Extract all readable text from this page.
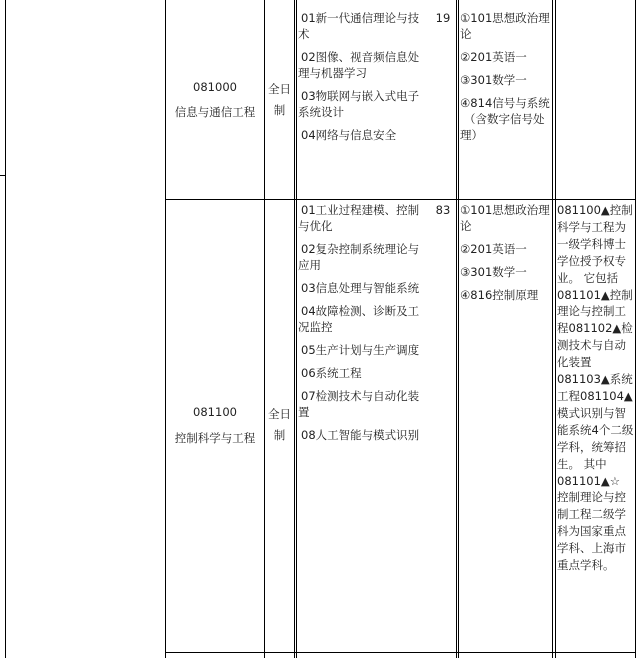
081000
信息与通信工程
全日
制

01新一代通信理论与技

术

02图像、视音频信息处

理与机器学习

03物联网与嵌入式电子

系统设计

04网络与信息安全

19 ①101思想政治理

论

②201英语一

③301数学一

④814信号与系统

（含数字信号处

理）

081100
控制科学与工程
全日
制

01工业过程建模、控制

与优化

02复杂控制系统理论与

应用

03信息处理与智能系统

04故障检测、诊断及工

况监控

05生产计划与生产调度

06系统工程

07检测技术与自动化装

置

08人工智能与模式识别

83 ①101思想政治理

论

②201英语一

③301数学一

④816控制原理

081100▲控制

科学与工程为

一级学科博士

学位授予权专

业。 它包括

081101▲控制

理论与控制工

程081102▲检

测技术与自动

化装置

081103▲系统

工程081104▲

模式识别与智

能系统4个二级

学科，统筹招

生。 其中

081101▲☆

控制理论与控

制工程二级学

科为国家重点

学科、上海市

重点学科。
